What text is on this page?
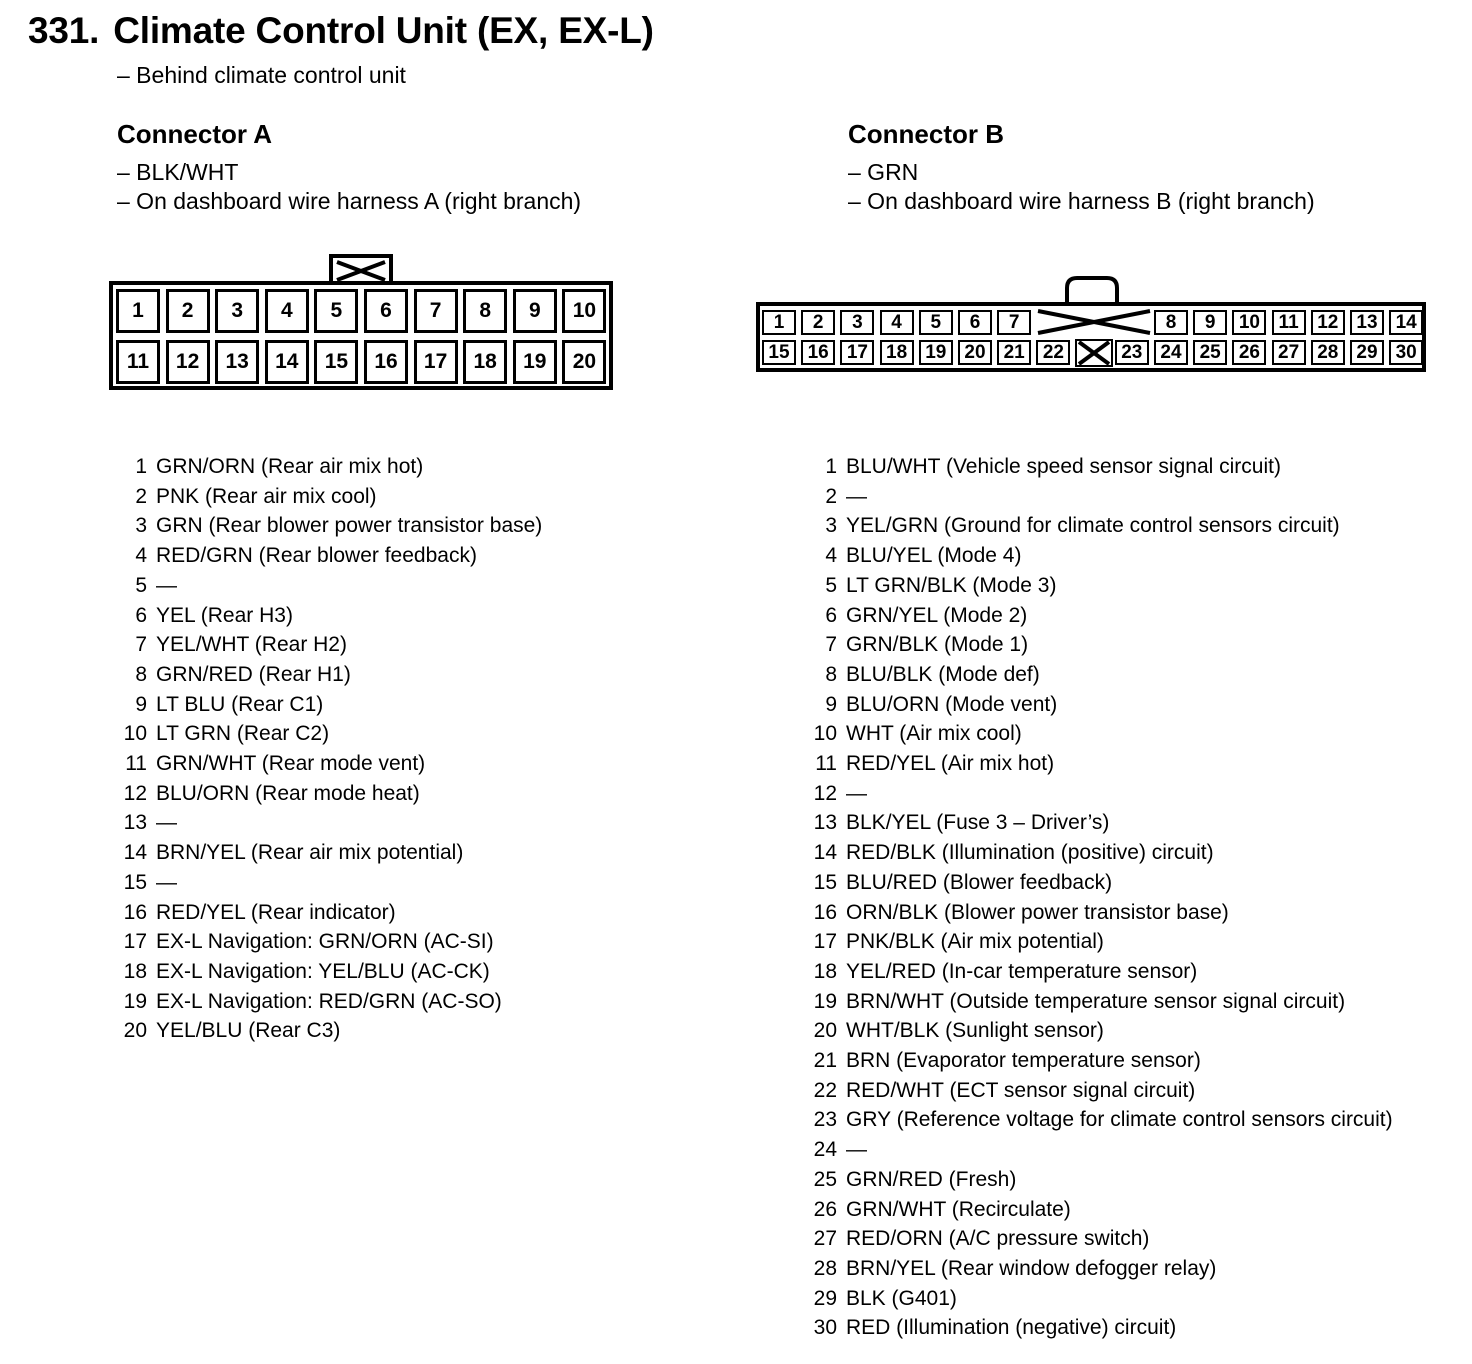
331. Climate Control Unit (EX, EX-L)
– Behind climate control unit
Connector A
– BLK/WHT
– On dashboard wire harness A (right branch)
Connector B
– GRN
– On dashboard wire harness B (right branch)
1	2	3	4	5	6	7	8	9	10
11	12	13	14	15	16	17	18	19	20
1	2	3	4	5	6	7	8	9	10 11 12 13 14
15 16 17 18 19 20 21 22	23 24 25 26 27 28 29 30
1 GRN/ORN (Rear air mix hot)
2 PNK (Rear air mix cool)
3 GRN (Rear blower power transistor base)
4 RED/GRN (Rear blower feedback)
5 —
6 YEL (Rear H3)
7 YEL/WHT (Rear H2)
8 GRN/RED (Rear H1)
9 LT BLU (Rear C1)
10 LT GRN (Rear C2)
11 GRN/WHT (Rear mode vent)
12 BLU/ORN (Rear mode heat)
13 —
14 BRN/YEL (Rear air mix potential)
15 —
16 RED/YEL (Rear indicator)
17 EX-L Navigation: GRN/ORN (AC-SI)
18 EX-L Navigation: YEL/BLU (AC-CK)
19 EX-L Navigation: RED/GRN (AC-SO)
20 YEL/BLU (Rear C3)
1 BLU/WHT (Vehicle speed sensor signal circuit)
2 —
3 YEL/GRN (Ground for climate control sensors circuit)
4 BLU/YEL (Mode 4)
5 LT GRN/BLK (Mode 3)
6 GRN/YEL (Mode 2)
7 GRN/BLK (Mode 1)
8 BLU/BLK (Mode def)
9 BLU/ORN (Mode vent)
10 WHT (Air mix cool)
11 RED/YEL (Air mix hot)
12 —
13 BLK/YEL (Fuse 3 – Driver’s)
14 RED/BLK (Illumination (positive) circuit)
15 BLU/RED (Blower feedback)
16 ORN/BLK (Blower power transistor base)
17 PNK/BLK (Air mix potential)
18 YEL/RED (In-car temperature sensor)
19 BRN/WHT (Outside temperature sensor signal circuit)
20 WHT/BLK (Sunlight sensor)
21 BRN (Evaporator temperature sensor)
22 RED/WHT (ECT sensor signal circuit)
23 GRY (Reference voltage for climate control sensors circuit)
24 —
25 GRN/RED (Fresh)
26 GRN/WHT (Recirculate)
27 RED/ORN (A/C pressure switch)
28 BRN/YEL (Rear window defogger relay)
29 BLK (G401)
30 RED (Illumination (negative) circuit)
